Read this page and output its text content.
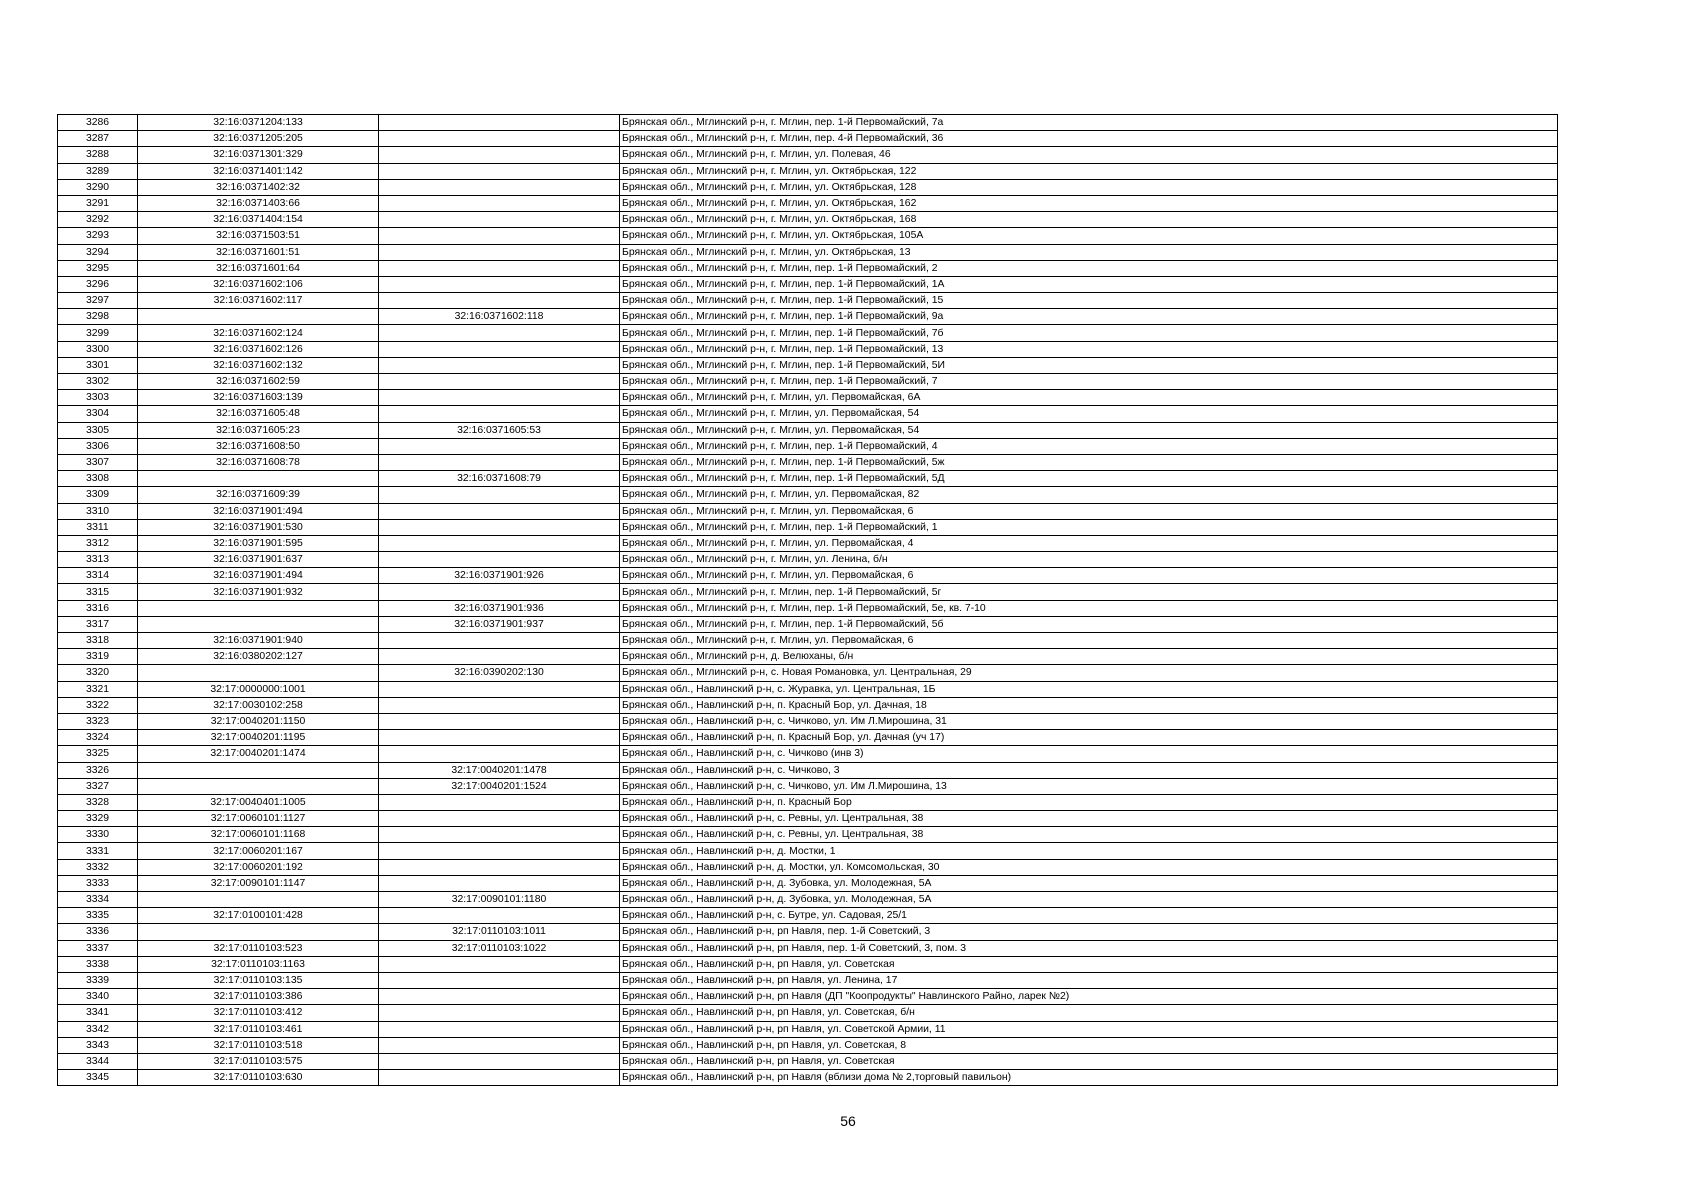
3286	32:16:0371204:133		Брянская обл., Мглинский р-н, г. Мглин, пер. 1-й Первомайский, 7а
3287	32:16:0371205:205		Брянская обл., Мглинский р-н, г. Мглин, пер. 4-й Первомайский, 36
3288	32:16:0371301:329		Брянская обл., Мглинский р-н, г. Мглин, ул. Полевая, 46
3289	32:16:0371401:142		Брянская обл., Мглинский р-н, г. Мглин, ул. Октябрьская, 122
3290	32:16:0371402:32		Брянская обл., Мглинский р-н, г. Мглин, ул. Октябрьская, 128
3291	32:16:0371403:66		Брянская обл., Мглинский р-н, г. Мглин, ул. Октябрьская, 162
3292	32:16:0371404:154		Брянская обл., Мглинский р-н, г. Мглин, ул. Октябрьская, 168
3293	32:16:0371503:51		Брянская обл., Мглинский р-н, г. Мглин, ул. Октябрьская, 105А
3294	32:16:0371601:51		Брянская обл., Мглинский р-н, г. Мглин, ул. Октябрьская, 13
3295	32:16:0371601:64		Брянская обл., Мглинский р-н, г. Мглин, пер. 1-й Первомайский, 2
3296	32:16:0371602:106		Брянская обл., Мглинский р-н, г. Мглин, пер. 1-й Первомайский, 1А
3297	32:16:0371602:117		Брянская обл., Мглинский р-н, г. Мглин, пер. 1-й Первомайский, 15
3298		32:16:0371602:118	Брянская обл., Мглинский р-н, г. Мглин, пер. 1-й Первомайский, 9а
3299	32:16:0371602:124		Брянская обл., Мглинский р-н, г. Мглин, пер. 1-й Первомайский, 7б
3300	32:16:0371602:126		Брянская обл., Мглинский р-н, г. Мглин, пер. 1-й Первомайский, 13
3301	32:16:0371602:132		Брянская обл., Мглинский р-н, г. Мглин, пер. 1-й Первомайский, 5И
3302	32:16:0371602:59		Брянская обл., Мглинский р-н, г. Мглин, пер. 1-й Первомайский, 7
3303	32:16:0371603:139		Брянская обл., Мглинский р-н, г. Мглин, ул. Первомайская, 6А
3304	32:16:0371605:48		Брянская обл., Мглинский р-н, г. Мглин, ул. Первомайская, 54
3305	32:16:0371605:23	32:16:0371605:53	Брянская обл., Мглинский р-н, г. Мглин, ул. Первомайская, 54
3306	32:16:0371608:50		Брянская обл., Мглинский р-н, г. Мглин, пер. 1-й Первомайский, 4
3307	32:16:0371608:78		Брянская обл., Мглинский р-н, г. Мглин, пер. 1-й Первомайский, 5ж
3308		32:16:0371608:79	Брянская обл., Мглинский р-н, г. Мглин, пер. 1-й Первомайский, 5Д
3309	32:16:0371609:39		Брянская обл., Мглинский р-н, г. Мглин, ул. Первомайская, 82
3310	32:16:0371901:494		Брянская обл., Мглинский р-н, г. Мглин, ул. Первомайская, 6
3311	32:16:0371901:530		Брянская обл., Мглинский р-н, г. Мглин, пер. 1-й Первомайский, 1
3312	32:16:0371901:595		Брянская обл., Мглинский р-н, г. Мглин, ул. Первомайская, 4
3313	32:16:0371901:637		Брянская обл., Мглинский р-н, г. Мглин, ул. Ленина, б/н
3314	32:16:0371901:494	32:16:0371901:926	Брянская обл., Мглинский р-н, г. Мглин, ул. Первомайская, 6
3315	32:16:0371901:932		Брянская обл., Мглинский р-н, г. Мглин, пер. 1-й Первомайский, 5г
3316		32:16:0371901:936	Брянская обл., Мглинский р-н, г. Мглин, пер. 1-й Первомайский, 5е, кв. 7-10
3317		32:16:0371901:937	Брянская обл., Мглинский р-н, г. Мглин, пер. 1-й Первомайский, 5б
3318	32:16:0371901:940		Брянская обл., Мглинский р-н, г. Мглин, ул. Первомайская, 6
3319	32:16:0380202:127		Брянская обл., Мглинский р-н, д. Велюханы, б/н
3320		32:16:0390202:130	Брянская обл., Мглинский р-н, с. Новая Романовка, ул. Центральная, 29
3321	32:17:0000000:1001		Брянская обл., Навлинский р-н, с. Журавка, ул. Центральная, 1Б
3322	32:17:0030102:258		Брянская обл., Навлинский р-н, п. Красный Бор, ул. Дачная, 18
3323	32:17:0040201:1150		Брянская обл., Навлинский р-н, с. Чичково, ул. Им Л.Мирошина, 31
3324	32:17:0040201:1195		Брянская обл., Навлинский р-н, п. Красный Бор, ул. Дачная (уч 17)
3325	32:17:0040201:1474		Брянская обл., Навлинский р-н, с. Чичково (инв 3)
3326		32:17:0040201:1478	Брянская обл., Навлинский р-н, с. Чичково, 3
3327		32:17:0040201:1524	Брянская обл., Навлинский р-н, с. Чичково, ул. Им Л.Мирошина, 13
3328	32:17:0040401:1005		Брянская обл., Навлинский р-н, п. Красный Бор
3329	32:17:0060101:1127		Брянская обл., Навлинский р-н, с. Ревны, ул. Центральная, 38
3330	32:17:0060101:1168		Брянская обл., Навлинский р-н, с. Ревны, ул. Центральная, 38
3331	32:17:0060201:167		Брянская обл., Навлинский р-н, д. Мостки, 1
3332	32:17:0060201:192		Брянская обл., Навлинский р-н, д. Мостки, ул. Комсомольская, 30
3333	32:17:0090101:1147		Брянская обл., Навлинский р-н, д. Зубовка, ул. Молодежная, 5А
3334		32:17:0090101:1180	Брянская обл., Навлинский р-н, д. Зубовка, ул. Молодежная, 5А
3335	32:17:0100101:428		Брянская обл., Навлинский р-н, с. Бутре, ул. Садовая, 25/1
3336		32:17:0110103:1011	Брянская обл., Навлинский р-н, рп Навля, пер. 1-й Советский, 3
3337	32:17:0110103:523	32:17:0110103:1022	Брянская обл., Навлинский р-н, рп Навля, пер. 1-й Советский, 3, пом. 3
3338	32:17:0110103:1163		Брянская обл., Навлинский р-н, рп Навля, ул. Советская
3339	32:17:0110103:135		Брянская обл., Навлинский р-н, рп Навля, ул. Ленина, 17
3340	32:17:0110103:386		Брянская обл., Навлинский р-н, рп Навля (ДП "Коопродукты" Навлинского Райно, ларек №2)
3341	32:17:0110103:412		Брянская обл., Навлинский р-н, рп Навля, ул. Советская, б/н
3342	32:17:0110103:461		Брянская обл., Навлинский р-н, рп Навля, ул. Советской Армии, 11
3343	32:17:0110103:518		Брянская обл., Навлинский р-н, рп Навля, ул. Советская, 8
3344	32:17:0110103:575		Брянская обл., Навлинский р-н, рп Навля, ул. Советская
3345	32:17:0110103:630		Брянская обл., Навлинский р-н, рп Навля (вблизи дома № 2,торговый павильон)
56
